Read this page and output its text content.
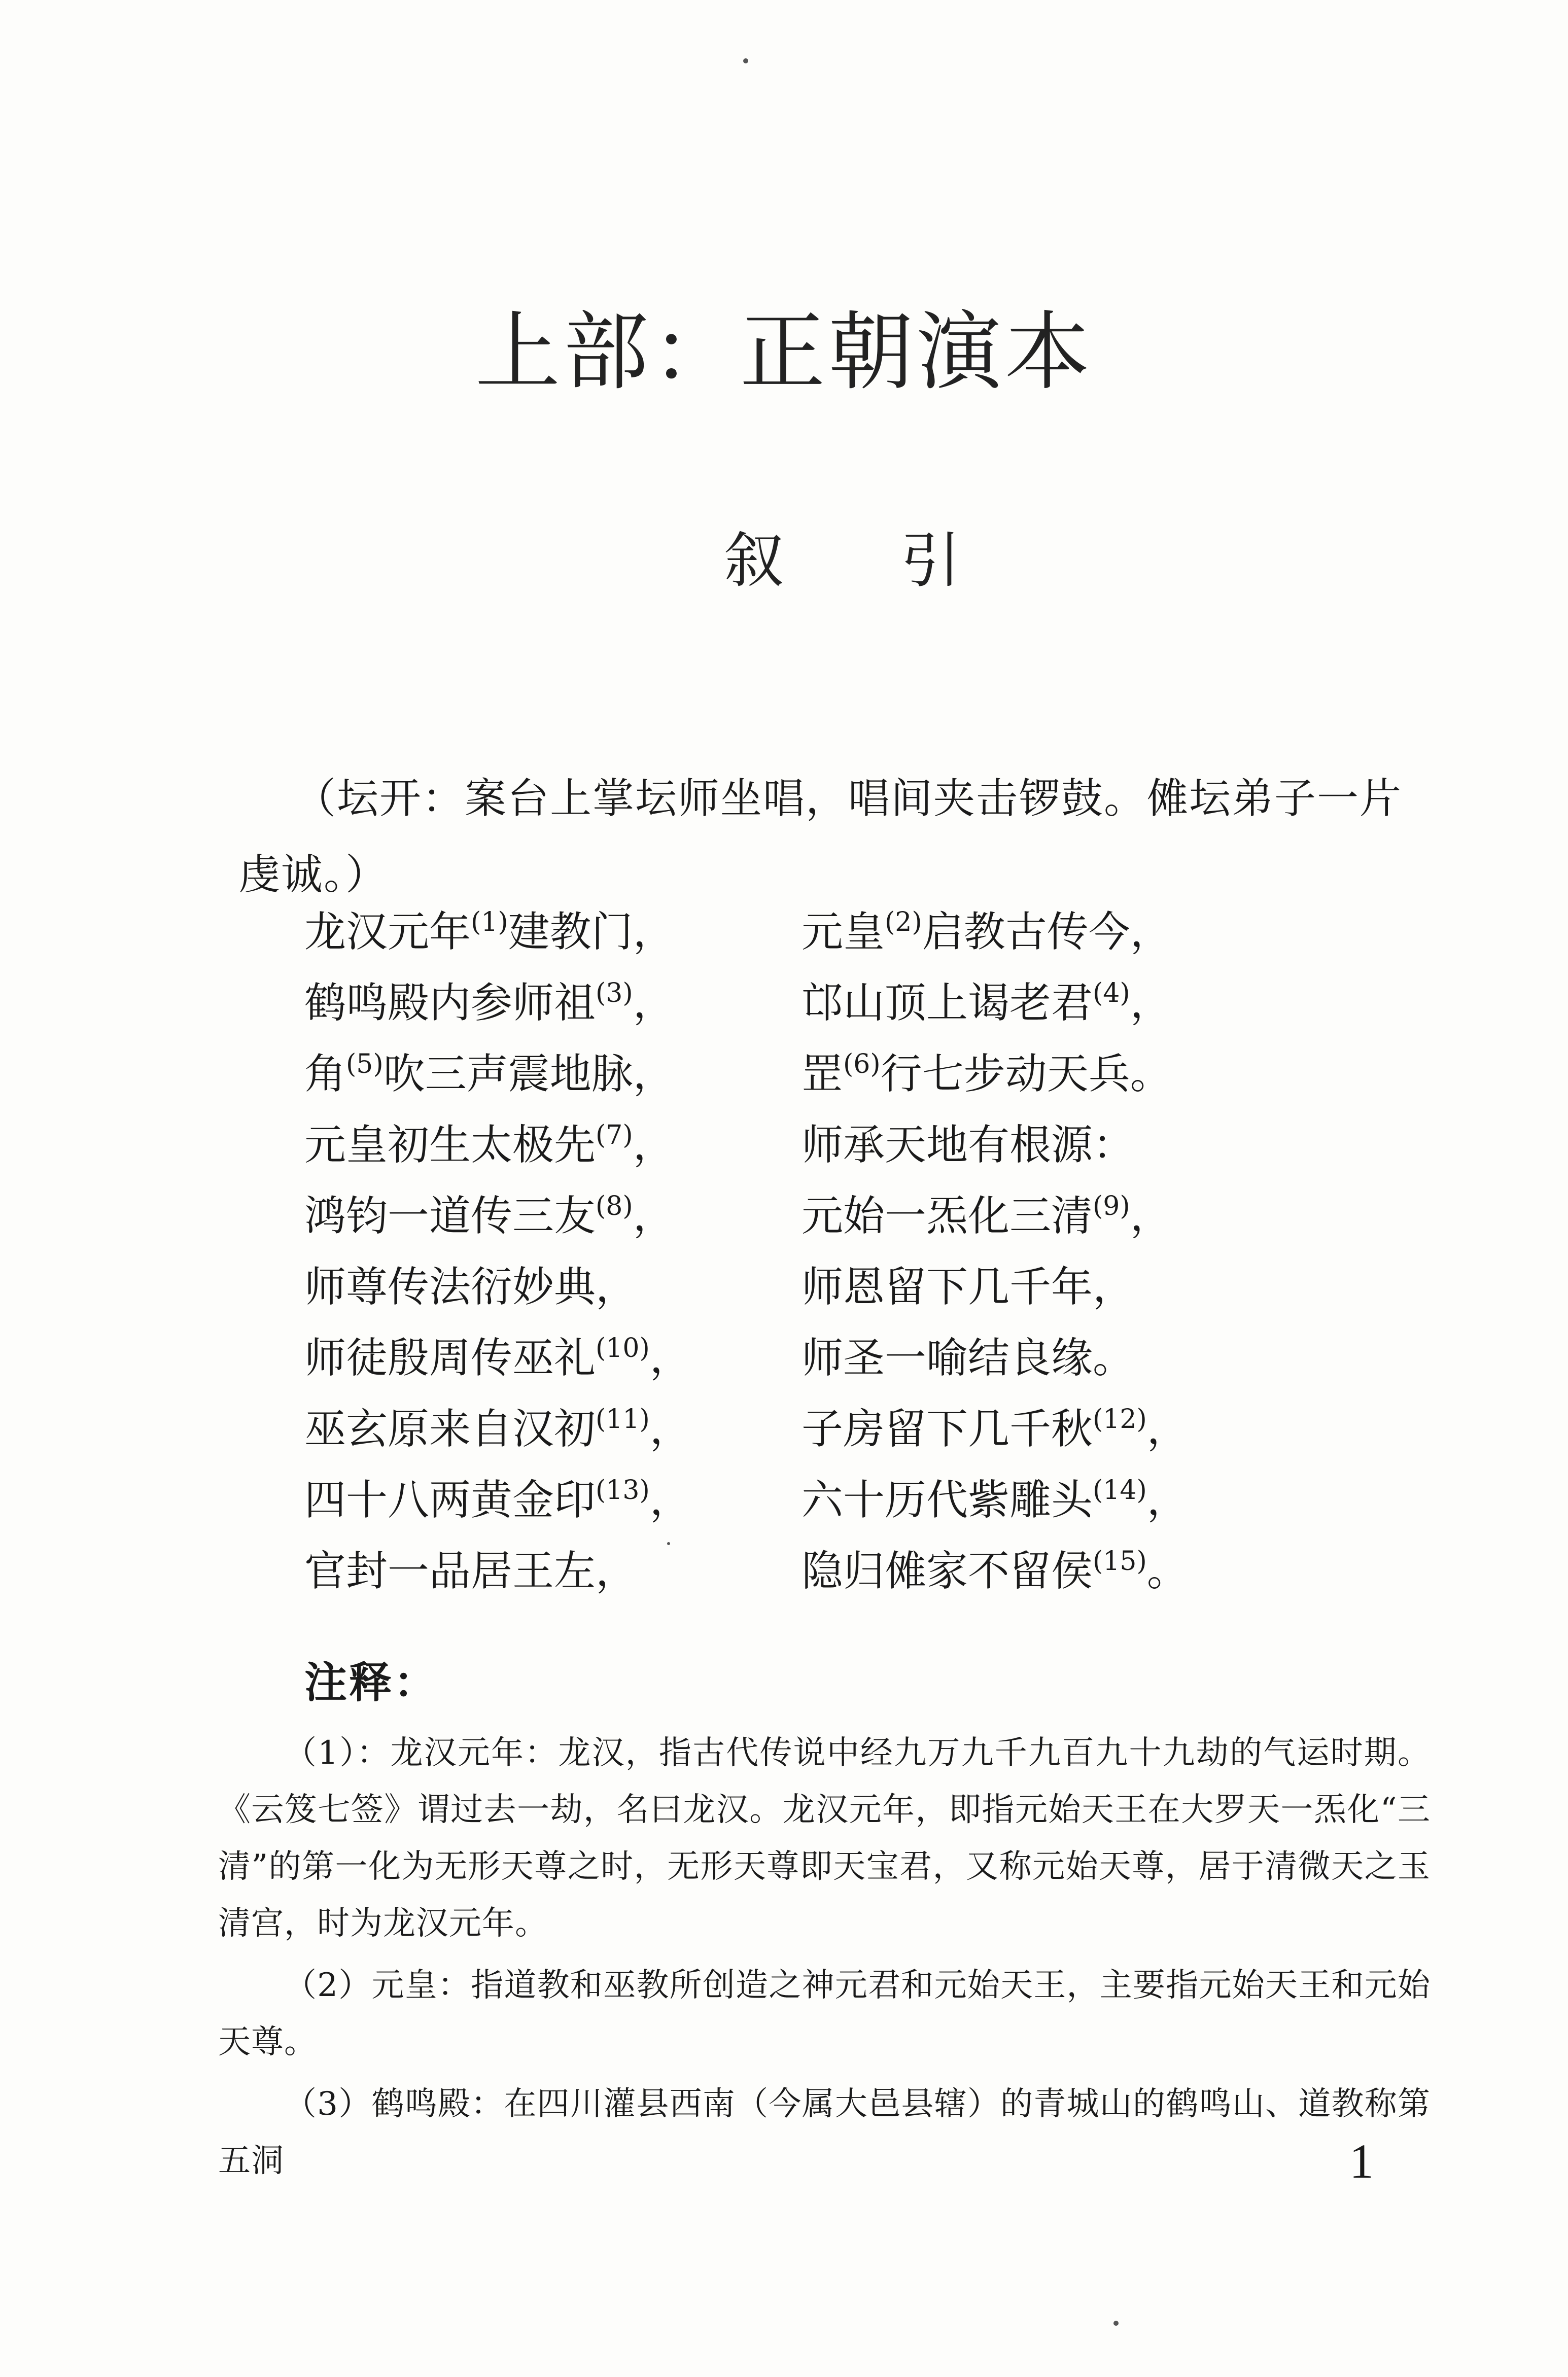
上部：正朝演本
叙引
（坛开：案台上掌坛师坐唱，唱间夹击锣鼓。傩坛弟子一片虔诚。）
龙汉元年$^{(1)}$建教门，	元皇$^{(2)}$启教古传今，
鹤鸣殿内参师祖$^{(3)}$，	邙山顶上谒老君$^{(4)}$，
角$^{(5)}$吹三声震地脉，	罡$^{(6)}$行七步动天兵。
元皇初生太极先$^{(7)}$，	师承天地有根源：
鸿钧一道传三友$^{(8)}$，	元始一炁化三清$^{(9)}$，
师尊传法衍妙典，	师恩留下几千年，
师徒殷周传巫礼$^{(10)}$，	师圣一喻结良缘。
巫玄原来自汉初$^{(11)}$，	子房留下几千秋$^{(12)}$，
四十八两黄金印$^{(13)}$，	六十历代紫雕头$^{(14)}$，
官封一品居王左，	隐归傩家不留侯$^{(15)}$。
注释：

（1）：龙汉元年：龙汉，指古代传说中经九万九千九百九十九劫的气运时期。《云笈七签》谓过去一劫，名曰龙汉。龙汉元年，即指元始天王在大罗天一炁化“三清”的第一化为无形天尊之时，无形天尊即天宝君，又称元始天尊，居于清微天之玉清宫，时为龙汉元年。

（2）元皇：指道教和巫教所创造之神元君和元始天王，主要指元始天王和元始天尊。

（3）鹤鸣殿：在四川灌县西南（今属大邑县辖）的青城山的鹤鸣山、道教称第五洞	1
